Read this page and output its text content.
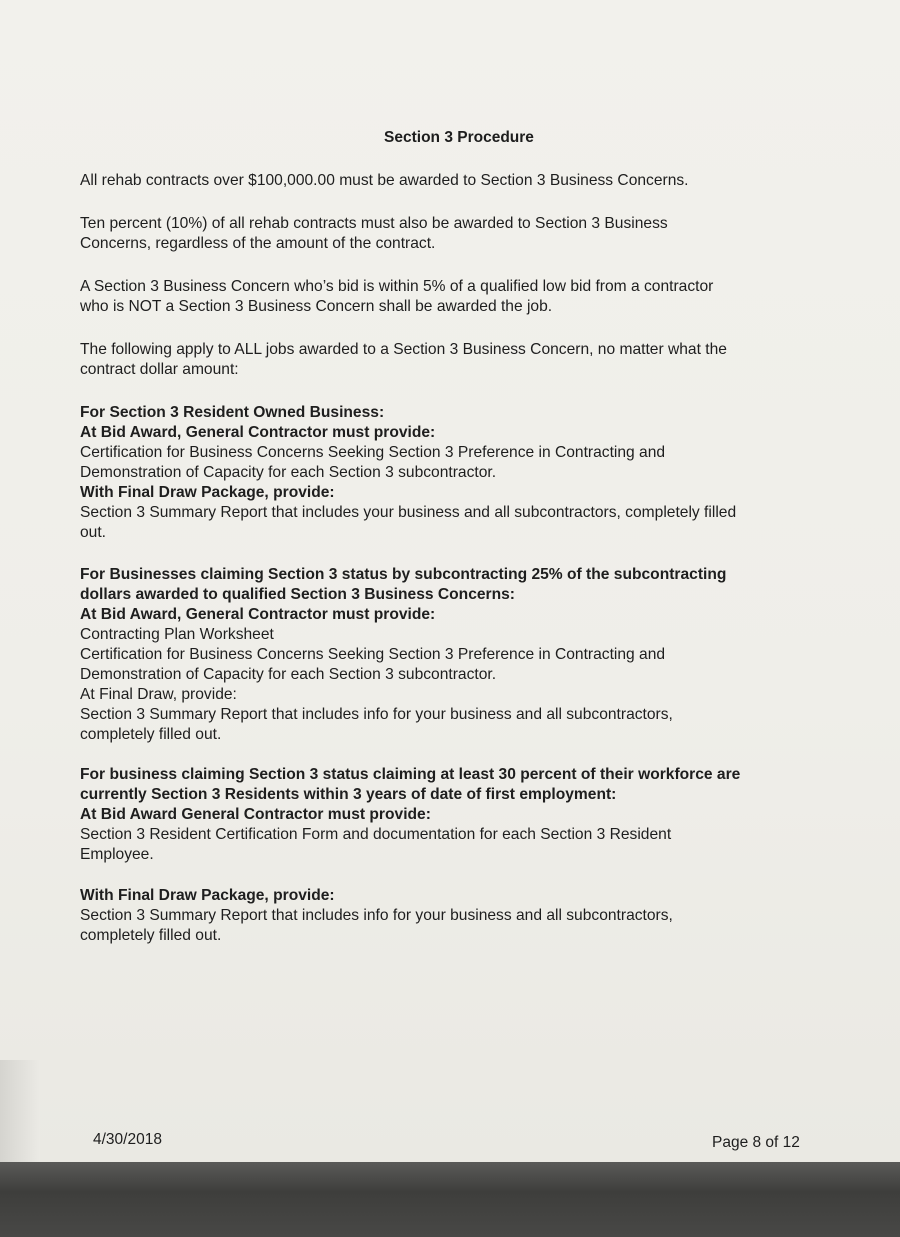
Section 3 Procedure
All rehab contracts over $100,000.00 must be awarded to Section 3 Business Concerns.
Ten percent (10%) of all rehab contracts must also be awarded to Section 3 Business
Concerns, regardless of the amount of the contract.
A Section 3 Business Concern who’s bid is within 5% of a qualified low bid from a contractor
who is NOT a Section 3 Business Concern shall be awarded the job.
The following apply to ALL jobs awarded to a Section 3 Business Concern, no matter what the
contract dollar amount:
For Section 3 Resident Owned Business:
At Bid Award, General Contractor must provide:
Certification for Business Concerns Seeking Section 3 Preference in Contracting and
Demonstration of Capacity for each Section 3 subcontractor.
With Final Draw Package, provide:
Section 3 Summary Report that includes your business and all subcontractors, completely filled
out.
For Businesses claiming Section 3 status by subcontracting 25% of the subcontracting
dollars awarded to qualified Section 3 Business Concerns:
At Bid Award, General Contractor must provide:
Contracting Plan Worksheet
Certification for Business Concerns Seeking Section 3 Preference in Contracting and
Demonstration of Capacity for each Section 3 subcontractor.
At Final Draw, provide:
Section 3 Summary Report that includes info for your business and all subcontractors,
completely filled out.
For business claiming Section 3 status claiming at least 30 percent of their workforce are
currently Section 3 Residents within 3 years of date of first employment:
At Bid Award General Contractor must provide:
Section 3 Resident Certification Form and documentation for each Section 3 Resident
Employee.
With Final Draw Package, provide:
Section 3 Summary Report that includes info for your business and all subcontractors,
completely filled out.
4/30/2018	Page 8 of 12
